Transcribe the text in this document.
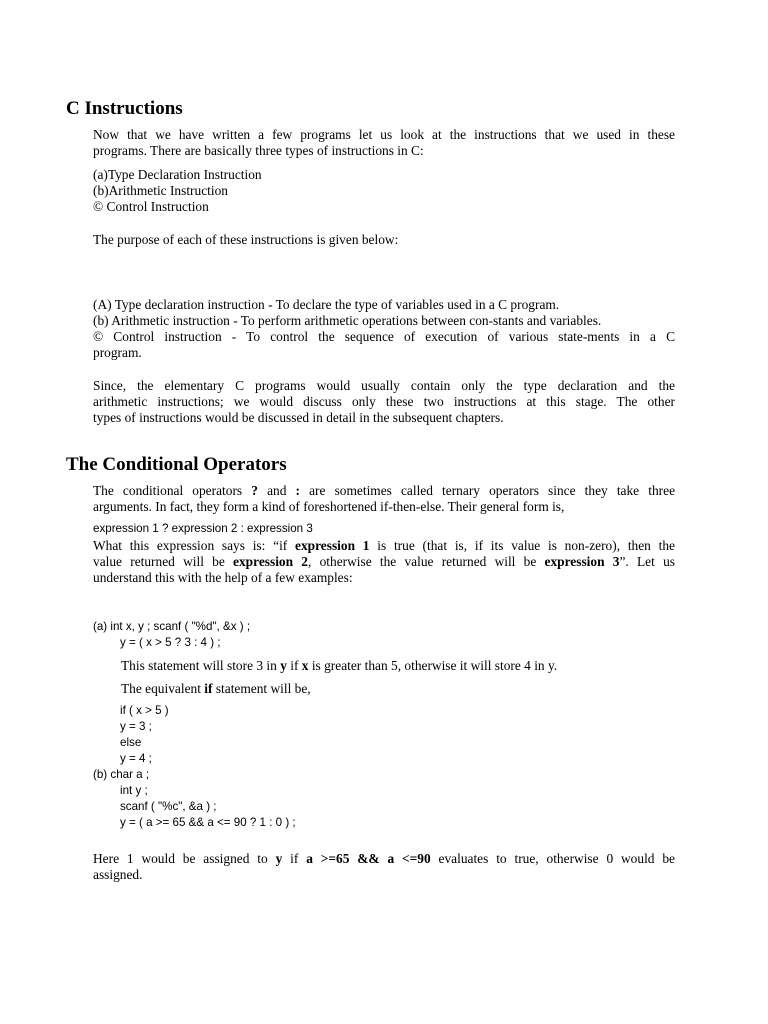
C Instructions

Now that we have written a few programs let us look at the instructions that we used in these
programs. There are basically three types of instructions in C:

(a)Type Declaration Instruction
(b)Arithmetic Instruction
© Control Instruction

The purpose of each of these instructions is given below:

(A) Type declaration instruction - To declare the type of variables used in a C program.
(b) Arithmetic instruction - To perform arithmetic operations between con-stants and variables.
© Control instruction - To control the sequence of execution of various state-ments in a C
program.

Since, the elementary C programs would usually contain only the type declaration and the
arithmetic instructions; we would discuss only these two instructions at this stage. The other
types of instructions would be discussed in detail in the subsequent chapters.

The Conditional Operators

The conditional operators ? and : are sometimes called ternary operators since they take three
arguments. In fact, they form a kind of foreshortened if-then-else. Their general form is,

expression 1 ? expression 2 : expression 3

What this expression says is: “if expression 1 is true (that is, if its value is non-zero), then the
value returned will be expression 2, otherwise the value returned will be expression 3”. Let us
understand this with the help of a few examples:

(a) int x, y ; scanf ( "%d", &x ) ;
y = ( x > 5 ? 3 : 4 ) ;

This statement will store 3 in y if x is greater than 5, otherwise it will store 4 in y.

The equivalent if statement will be,

if ( x > 5 )
y = 3 ;
else
y = 4 ;
(b) char a ;
int y ;
scanf ( "%c", &a ) ;
y = ( a >= 65 && a <= 90 ? 1 : 0 ) ;

Here 1 would be assigned to y if a >=65 && a <=90 evaluates to true, otherwise 0 would be
assigned.
